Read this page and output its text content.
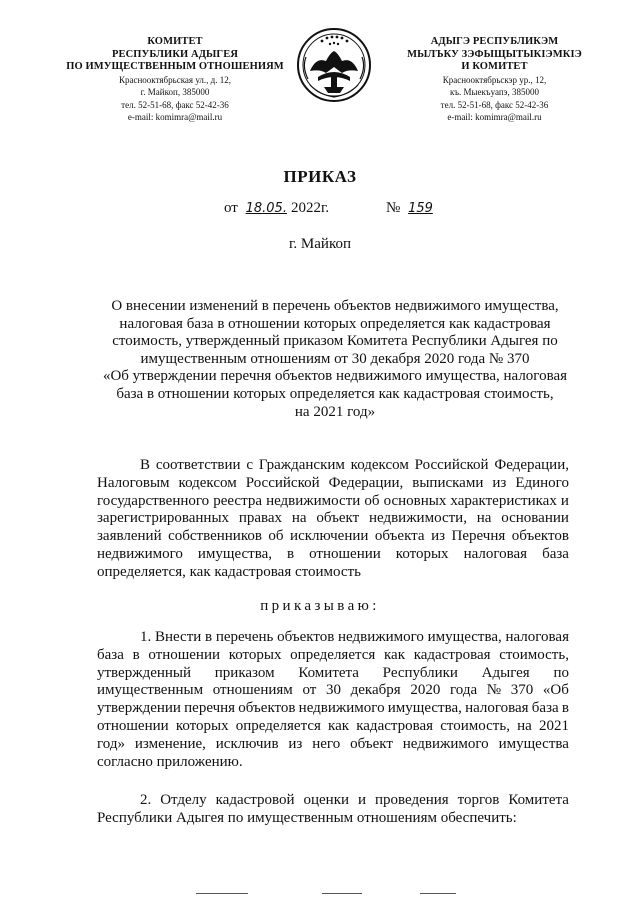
КОМИТЕТ
РЕСПУБЛИКИ АДЫГЕЯ
ПО ИМУЩЕСТВЕННЫМ ОТНОШЕНИЯМ
Краснооктябрьская ул., д. 12,
г. Майкоп, 385000
тел. 52-51-68, факс 52-42-36
e-mail: komimra@mail.ru
АДЫГЭ РЕСПУБЛИКЭМ
МЫЛЪКУ ЗЭФЫЩЫТЫКIЭМКIЭ
И КОМИТЕТ
Краснооктябрьскэр ур., 12,
къ. Мыекъуапэ, 385000
тел. 52-51-68, факс 52-42-36
e-mail: komimra@mail.ru
ПРИКАЗ
от 18.05. 2022г.	№ 159
г. Майкоп
О внесении изменений в перечень объектов недвижимого имущества,
налоговая база в отношении которых определяется как кадастровая
стоимость, утвержденный приказом Комитета Республики Адыгея по
имущественным отношениям от 30 декабря 2020 года № 370
«Об утверждении перечня объектов недвижимого имущества, налоговая
база в отношении которых определяется как кадастровая стоимость,
на 2021 год»
В соответствии с Гражданским кодексом Российской Федерации,
Налоговым кодексом Российской Федерации, выписками из Единого
государственного реестра недвижимости об основных характеристиках и
зарегистрированных правах на объект недвижимости, на основании
заявлений собственников об исключении объекта из Перечня объектов
недвижимого имущества, в отношении которых налоговая база
определяется, как кадастровая стоимость
приказываю:
1. Внести в перечень объектов недвижимого имущества, налоговая
база в отношении которых определяется как кадастровая стоимость,
утвержденный приказом Комитета Республики Адыгея по
имущественным отношениям от 30 декабря 2020 года № 370 «Об
утверждении перечня объектов недвижимого имущества, налоговая база в
отношении которых определяется как кадастровая стоимость, на 2021
год» изменение, исключив из него объект недвижимого имущества
согласно приложению.
2. Отделу кадастровой оценки и проведения торгов Комитета
Республики Адыгея по имущественным отношениям обеспечить:
